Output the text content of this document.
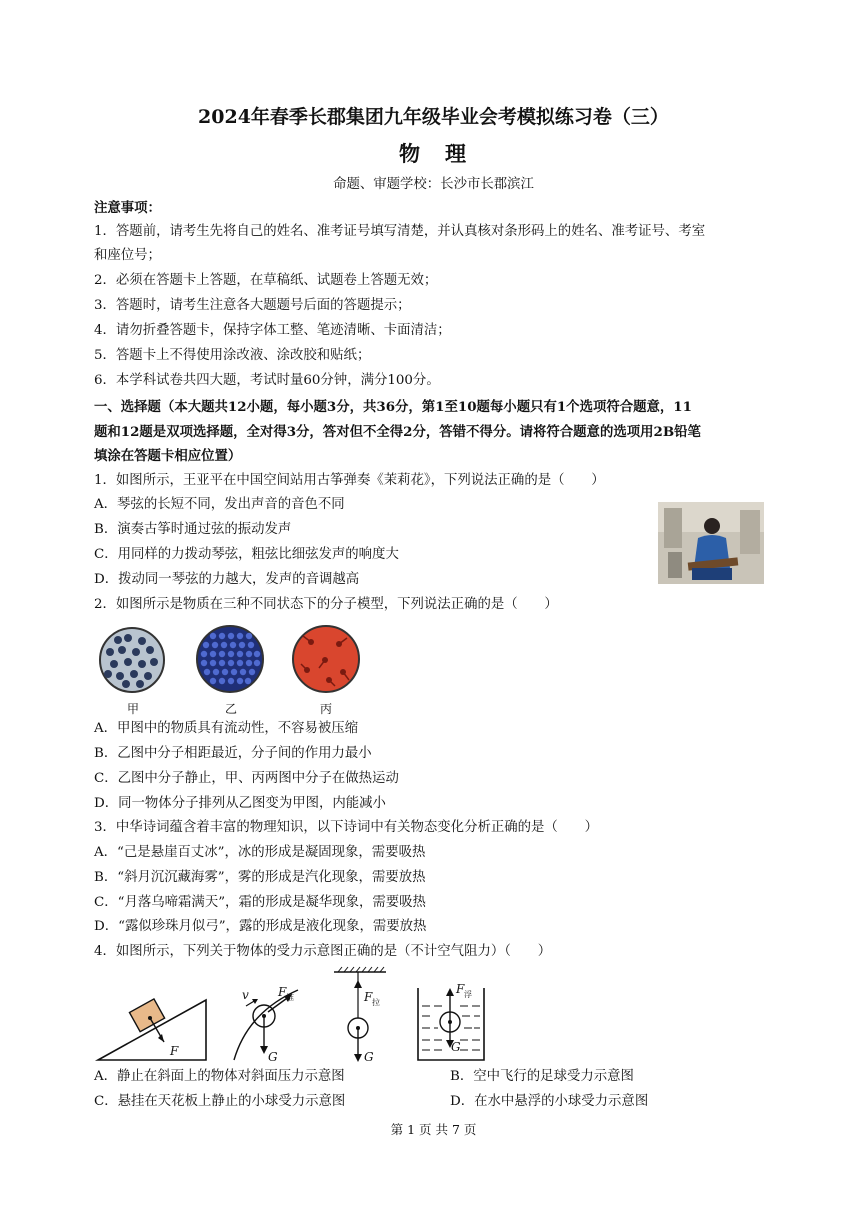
2024年春季长郡集团九年级毕业会考模拟练习卷（三）
物　理
命题、审题学校：长沙市长郡滨江
注意事项：
1．答题前，请考生先将自己的姓名、准考证号填写清楚，并认真核对条形码上的姓名、准考证号、考室
和座位号；
2．必须在答题卡上答题，在草稿纸、试题卷上答题无效；
3．答题时，请考生注意各大题题号后面的答题提示；
4．请勿折叠答题卡，保持字体工整、笔迹清晰、卡面清洁；
5．答题卡上不得使用涂改液、涂改胶和贴纸；
6．本学科试卷共四大题，考试时量60分钟，满分100分。
一、选择题（本大题共12小题，每小题3分，共36分，第1至10题每小题只有1个选项符合题意，11
题和12题是双项选择题，全对得3分，答对但不全得2分，答错不得分。请将符合题意的选项用2B铅笔
填涂在答题卡相应位置）
1．如图所示，王亚平在中国空间站用古筝弹奏《茉莉花》，下列说法正确的是（　　）
A．琴弦的长短不同，发出声音的音色不同
B．演奏古筝时通过弦的振动发声
C．用同样的力拨动琴弦，粗弦比细弦发声的响度大
D．拨动同一琴弦的力越大，发声的音调越高
2．如图所示是物质在三种不同状态下的分子模型，下列说法正确的是（　　）
甲	乙	丙
A．甲图中的物质具有流动性，不容易被压缩
B．乙图中分子相距最近，分子间的作用力最小
C．乙图中分子静止，甲、丙两图中分子在做热运动
D．同一物体分子排列从乙图变为甲图，内能减小
3．中华诗词蕴含着丰富的物理知识，以下诗词中有关物态变化分析正确的是（　　）
A．“己是悬崖百丈冰”，冰的形成是凝固现象，需要吸热
B．“斜月沉沉藏海雾”，雾的形成是汽化现象，需要放热
C．“月落乌啼霜满天”，霜的形成是凝华现象，需要吸热
D．“露似珍珠月似弓”，露的形成是液化现象，需要放热
4．如图所示，下列关于物体的受力示意图正确的是（不计空气阻力）（　　）
F
v F 推
G
F 拉
G
F 浮
G
A．静止在斜面上的物体对斜面压力示意图	B．空中飞行的足球受力示意图
C．悬挂在天花板上静止的小球受力示意图	D．在水中悬浮的小球受力示意图
第 1 页 共 7 页
